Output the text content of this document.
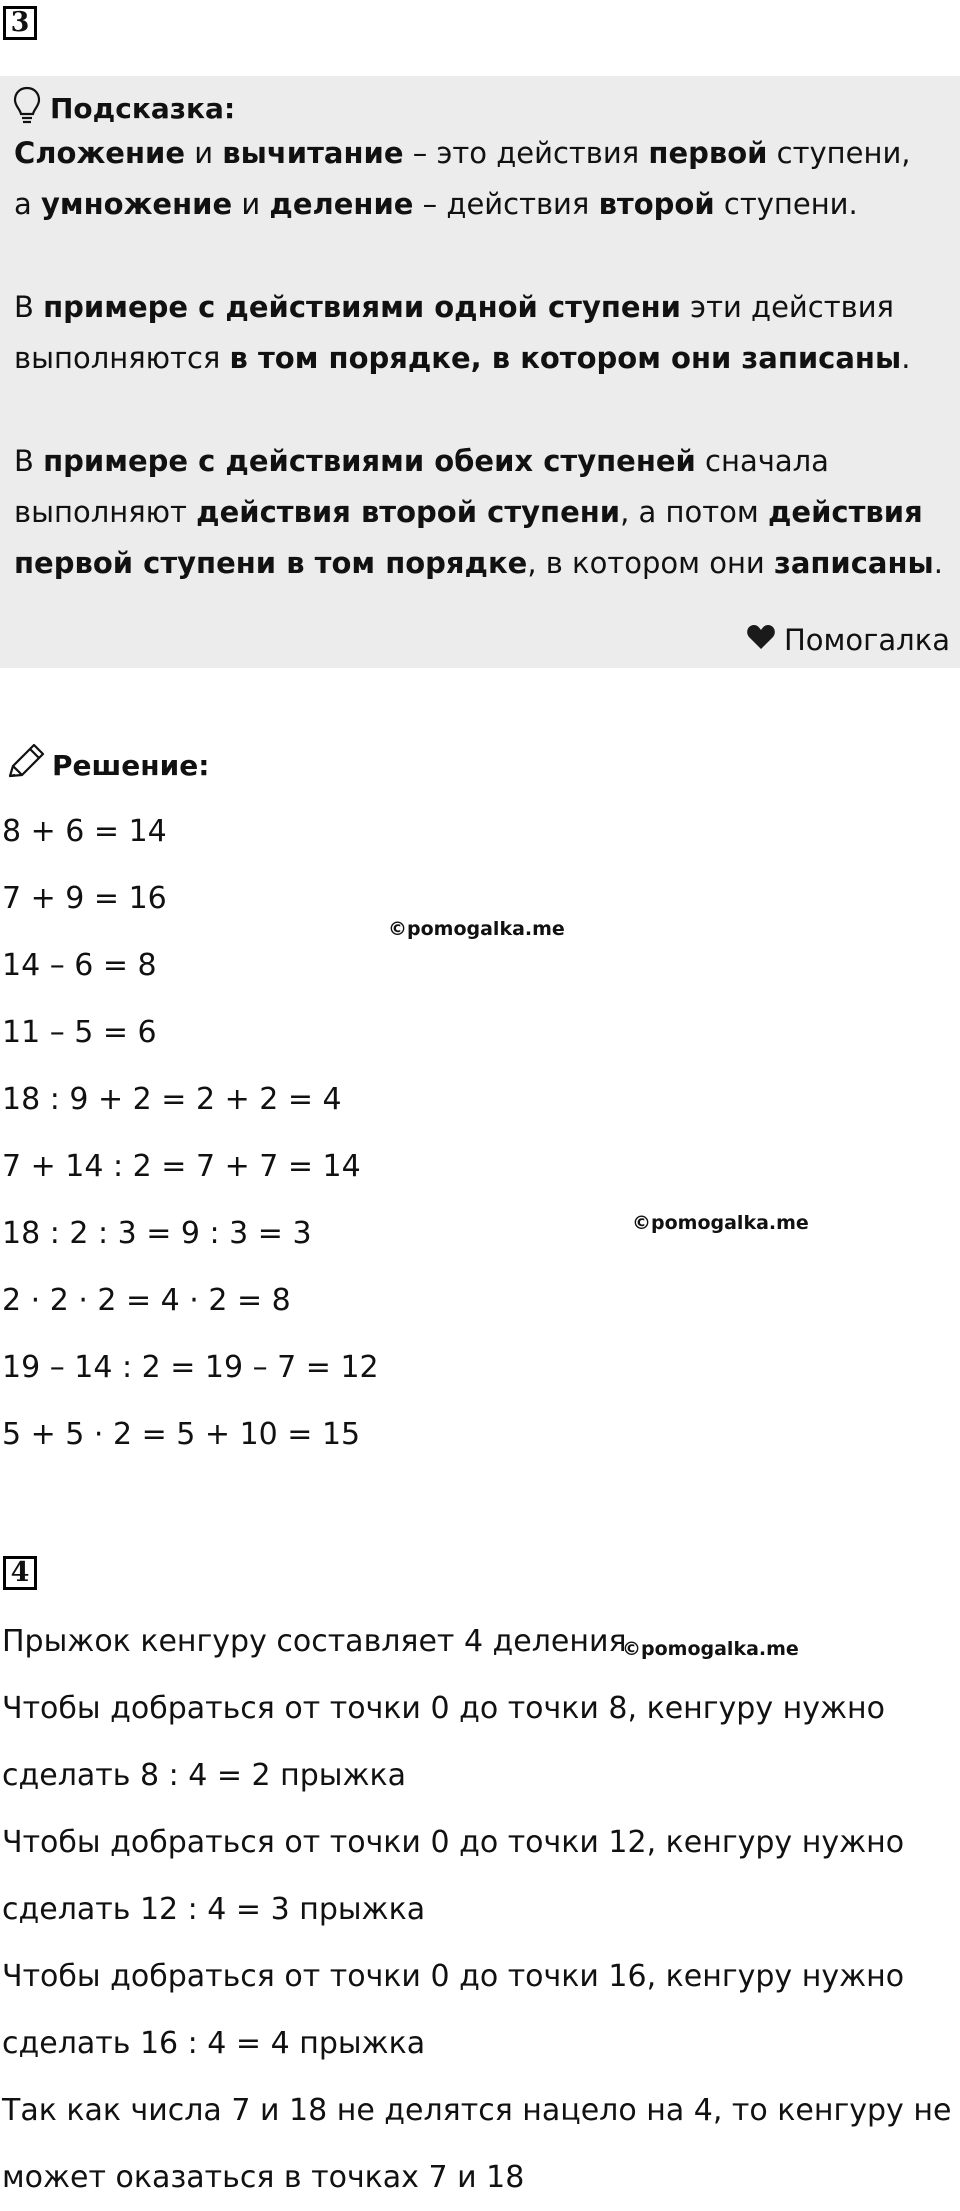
3
Подсказка:

Сложение и вычитание – это действия первой ступени,
а умножение и деление – действия второй ступени.

В примере с действиями одной ступени эти действия
выполняются в том порядке, в котором они записаны.

В примере с действиями обеих ступеней сначала
выполняют действия второй ступени, а потом действия
первой ступени в том порядке, в котором они записаны.

Помогалка
Решение:
8 + 6 = 14
7 + 9 = 16
14 – 6 = 8
11 – 5 = 6
18 : 9 + 2 = 2 + 2 = 4
7 + 14 : 2 = 7 + 7 = 14
18 : 2 : 3 = 9 : 3 = 3
2 · 2 · 2 = 4 · 2 = 8
19 – 14 : 2 = 19 – 7 = 12
5 + 5 · 2 = 5 + 10 = 15
4
Прыжок кенгуру составляет 4 деления
Чтобы добраться от точки 0 до точки 8, кенгуру нужно
сделать 8 : 4 = 2 прыжка
Чтобы добраться от точки 0 до точки 12, кенгуру нужно
сделать 12 : 4 = 3 прыжка
Чтобы добраться от точки 0 до точки 16, кенгуру нужно
сделать 16 : 4 = 4 прыжка
Так как числа 7 и 18 не делятся нацело на 4, то кенгуру не
может оказаться в точках 7 и 18
©pomogalka.me
©pomogalka.me
©pomogalka.me
